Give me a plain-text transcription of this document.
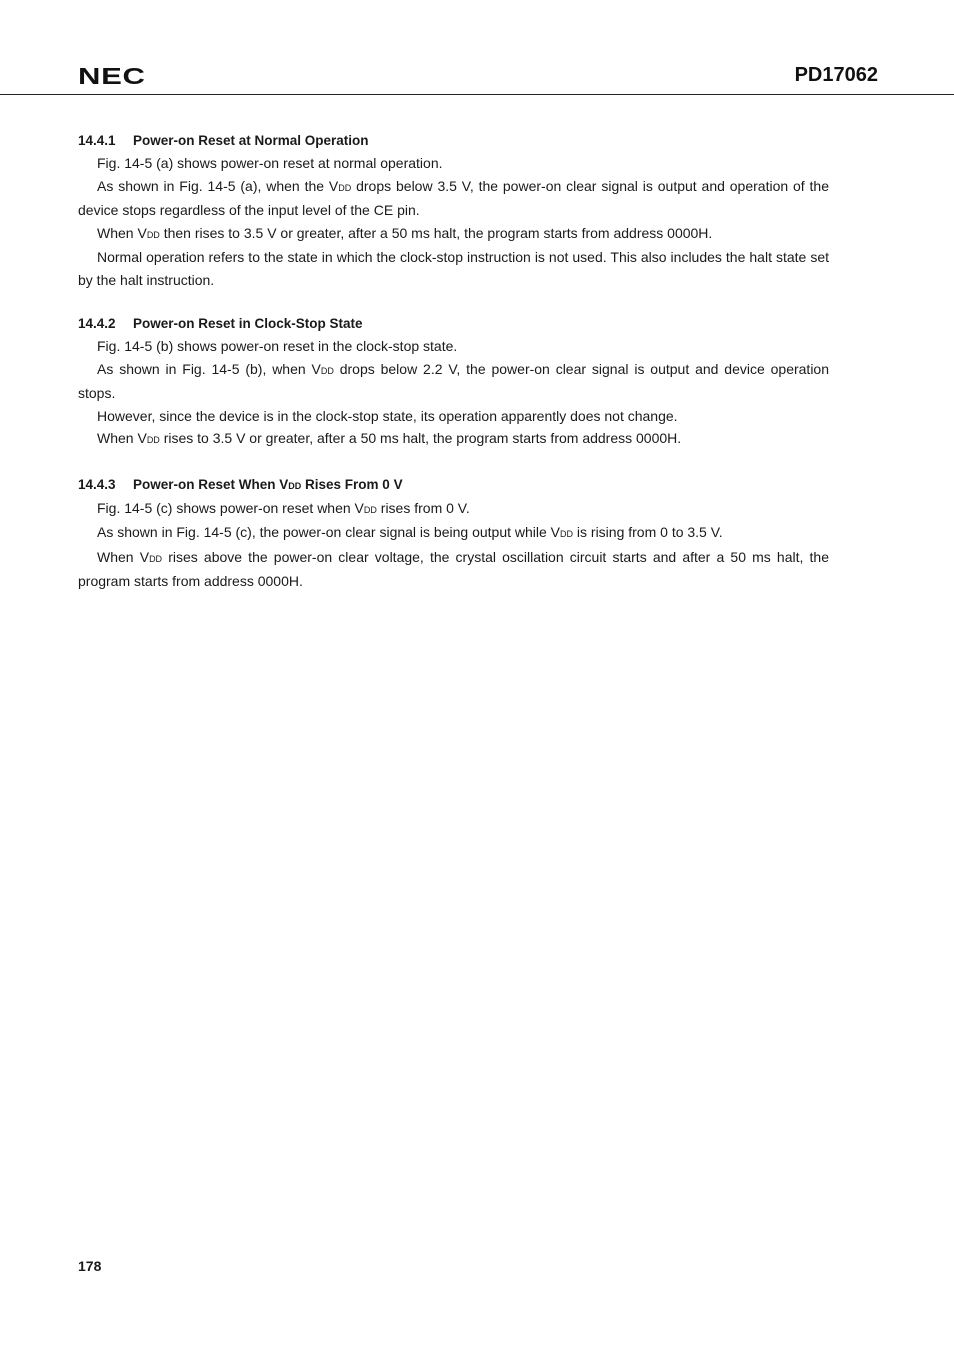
NEC	PD17062
14.4.1 Power-on Reset at Normal Operation

Fig. 14-5 (a) shows power-on reset at normal operation.

As shown in Fig. 14-5 (a), when the VDD drops below 3.5 V, the power-on clear signal is output and operation of the device stops regardless of the input level of the CE pin.

When VDD then rises to 3.5 V or greater, after a 50 ms halt, the program starts from address 0000H.

Normal operation refers to the state in which the clock-stop instruction is not used. This also includes the halt state set by the halt instruction.

14.4.2 Power-on Reset in Clock-Stop State

Fig. 14-5 (b) shows power-on reset in the clock-stop state.

As shown in Fig. 14-5 (b), when VDD drops below 2.2 V, the power-on clear signal is output and device operation stops.

However, since the device is in the clock-stop state, its operation apparently does not change.

When VDD rises to 3.5 V or greater, after a 50 ms halt, the program starts from address 0000H.

14.4.3 Power-on Reset When VDD Rises From 0 V

Fig. 14-5 (c) shows power-on reset when VDD rises from 0 V.

As shown in Fig. 14-5 (c), the power-on clear signal is being output while VDD is rising from 0 to 3.5 V.

When VDD rises above the power-on clear voltage, the crystal oscillation circuit starts and after a 50 ms halt, the program starts from address 0000H.

178
